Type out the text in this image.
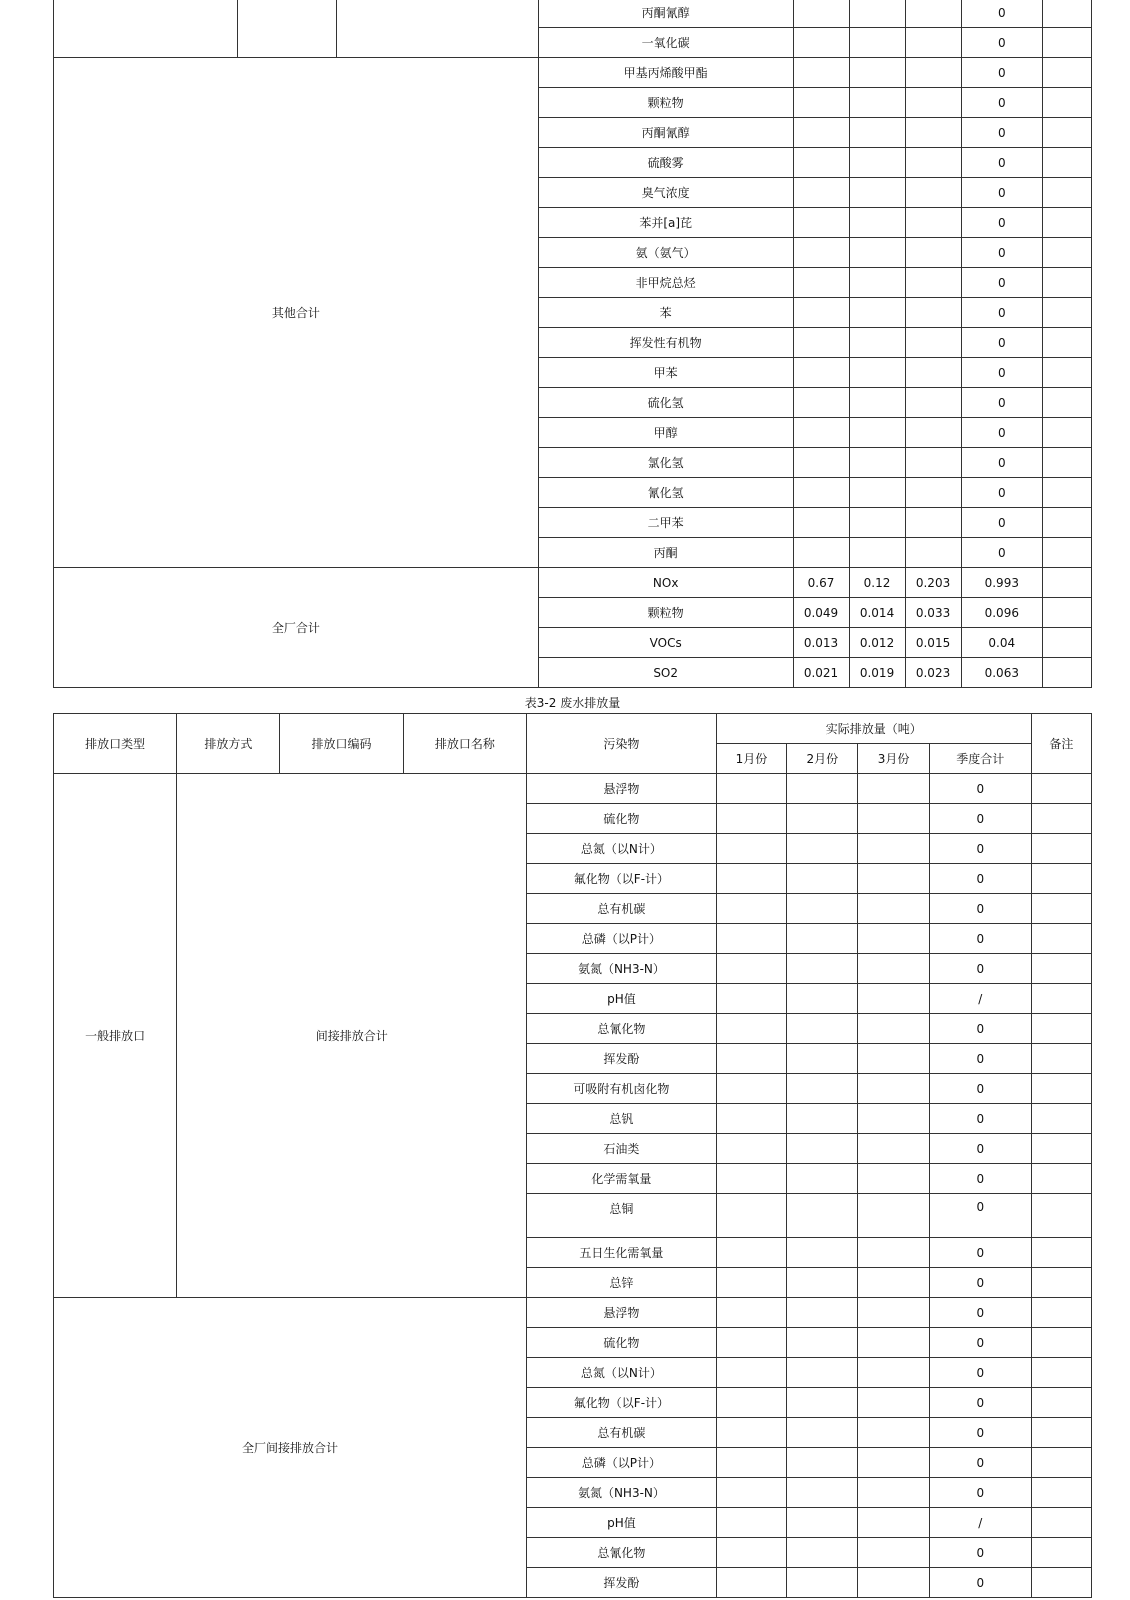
			丙酮氰醇				0	
			一氧化碳				0	
其他合计			甲基丙烯酸甲酯				0	
			颗粒物				0	
			丙酮氰醇				0	
			硫酸雾				0	
			臭气浓度				0	
			苯并[a]芘				0	
			氨（氨气）				0	
			非甲烷总烃				0	
			苯				0	
			挥发性有机物				0	
			甲苯				0	
			硫化氢				0	
			甲醇				0	
			氯化氢				0	
			氰化氢				0	
			二甲苯				0	
			丙酮				0	
全厂合计			NOx	0.67	0.12	0.203	0.993	
			颗粒物	0.049	0.014	0.033	0.096	
			VOCs	0.013	0.012	0.015	0.04	
			SO2	0.021	0.019	0.023	0.063	
表3-2 废水排放量
排放口类型	排放方式	排放口编码	排放口名称	污染物	实际排放量（吨）				备注
					1月份	2月份	3月份	季度合计	
一般排放口	间接排放合计			悬浮物				0	
				硫化物				0	
				总氮（以N计）				0	
				氟化物（以F-计）				0	
				总有机碳				0	
				总磷（以P计）				0	
				氨氮（NH3-N）				0	
				pH值				/	
				总氰化物				0	
				挥发酚				0	
				可吸附有机卤化物				0	
				总钒				0	
				石油类				0	
				化学需氧量				0	
				总铜				0	
				五日生化需氧量				0	
				总锌				0	
全厂间接排放合计				悬浮物				0	
				硫化物				0	
				总氮（以N计）				0	
				氟化物（以F-计）				0	
				总有机碳				0	
				总磷（以P计）				0	
				氨氮（NH3-N）				0	
				pH值				/	
				总氰化物				0	
				挥发酚				0	
